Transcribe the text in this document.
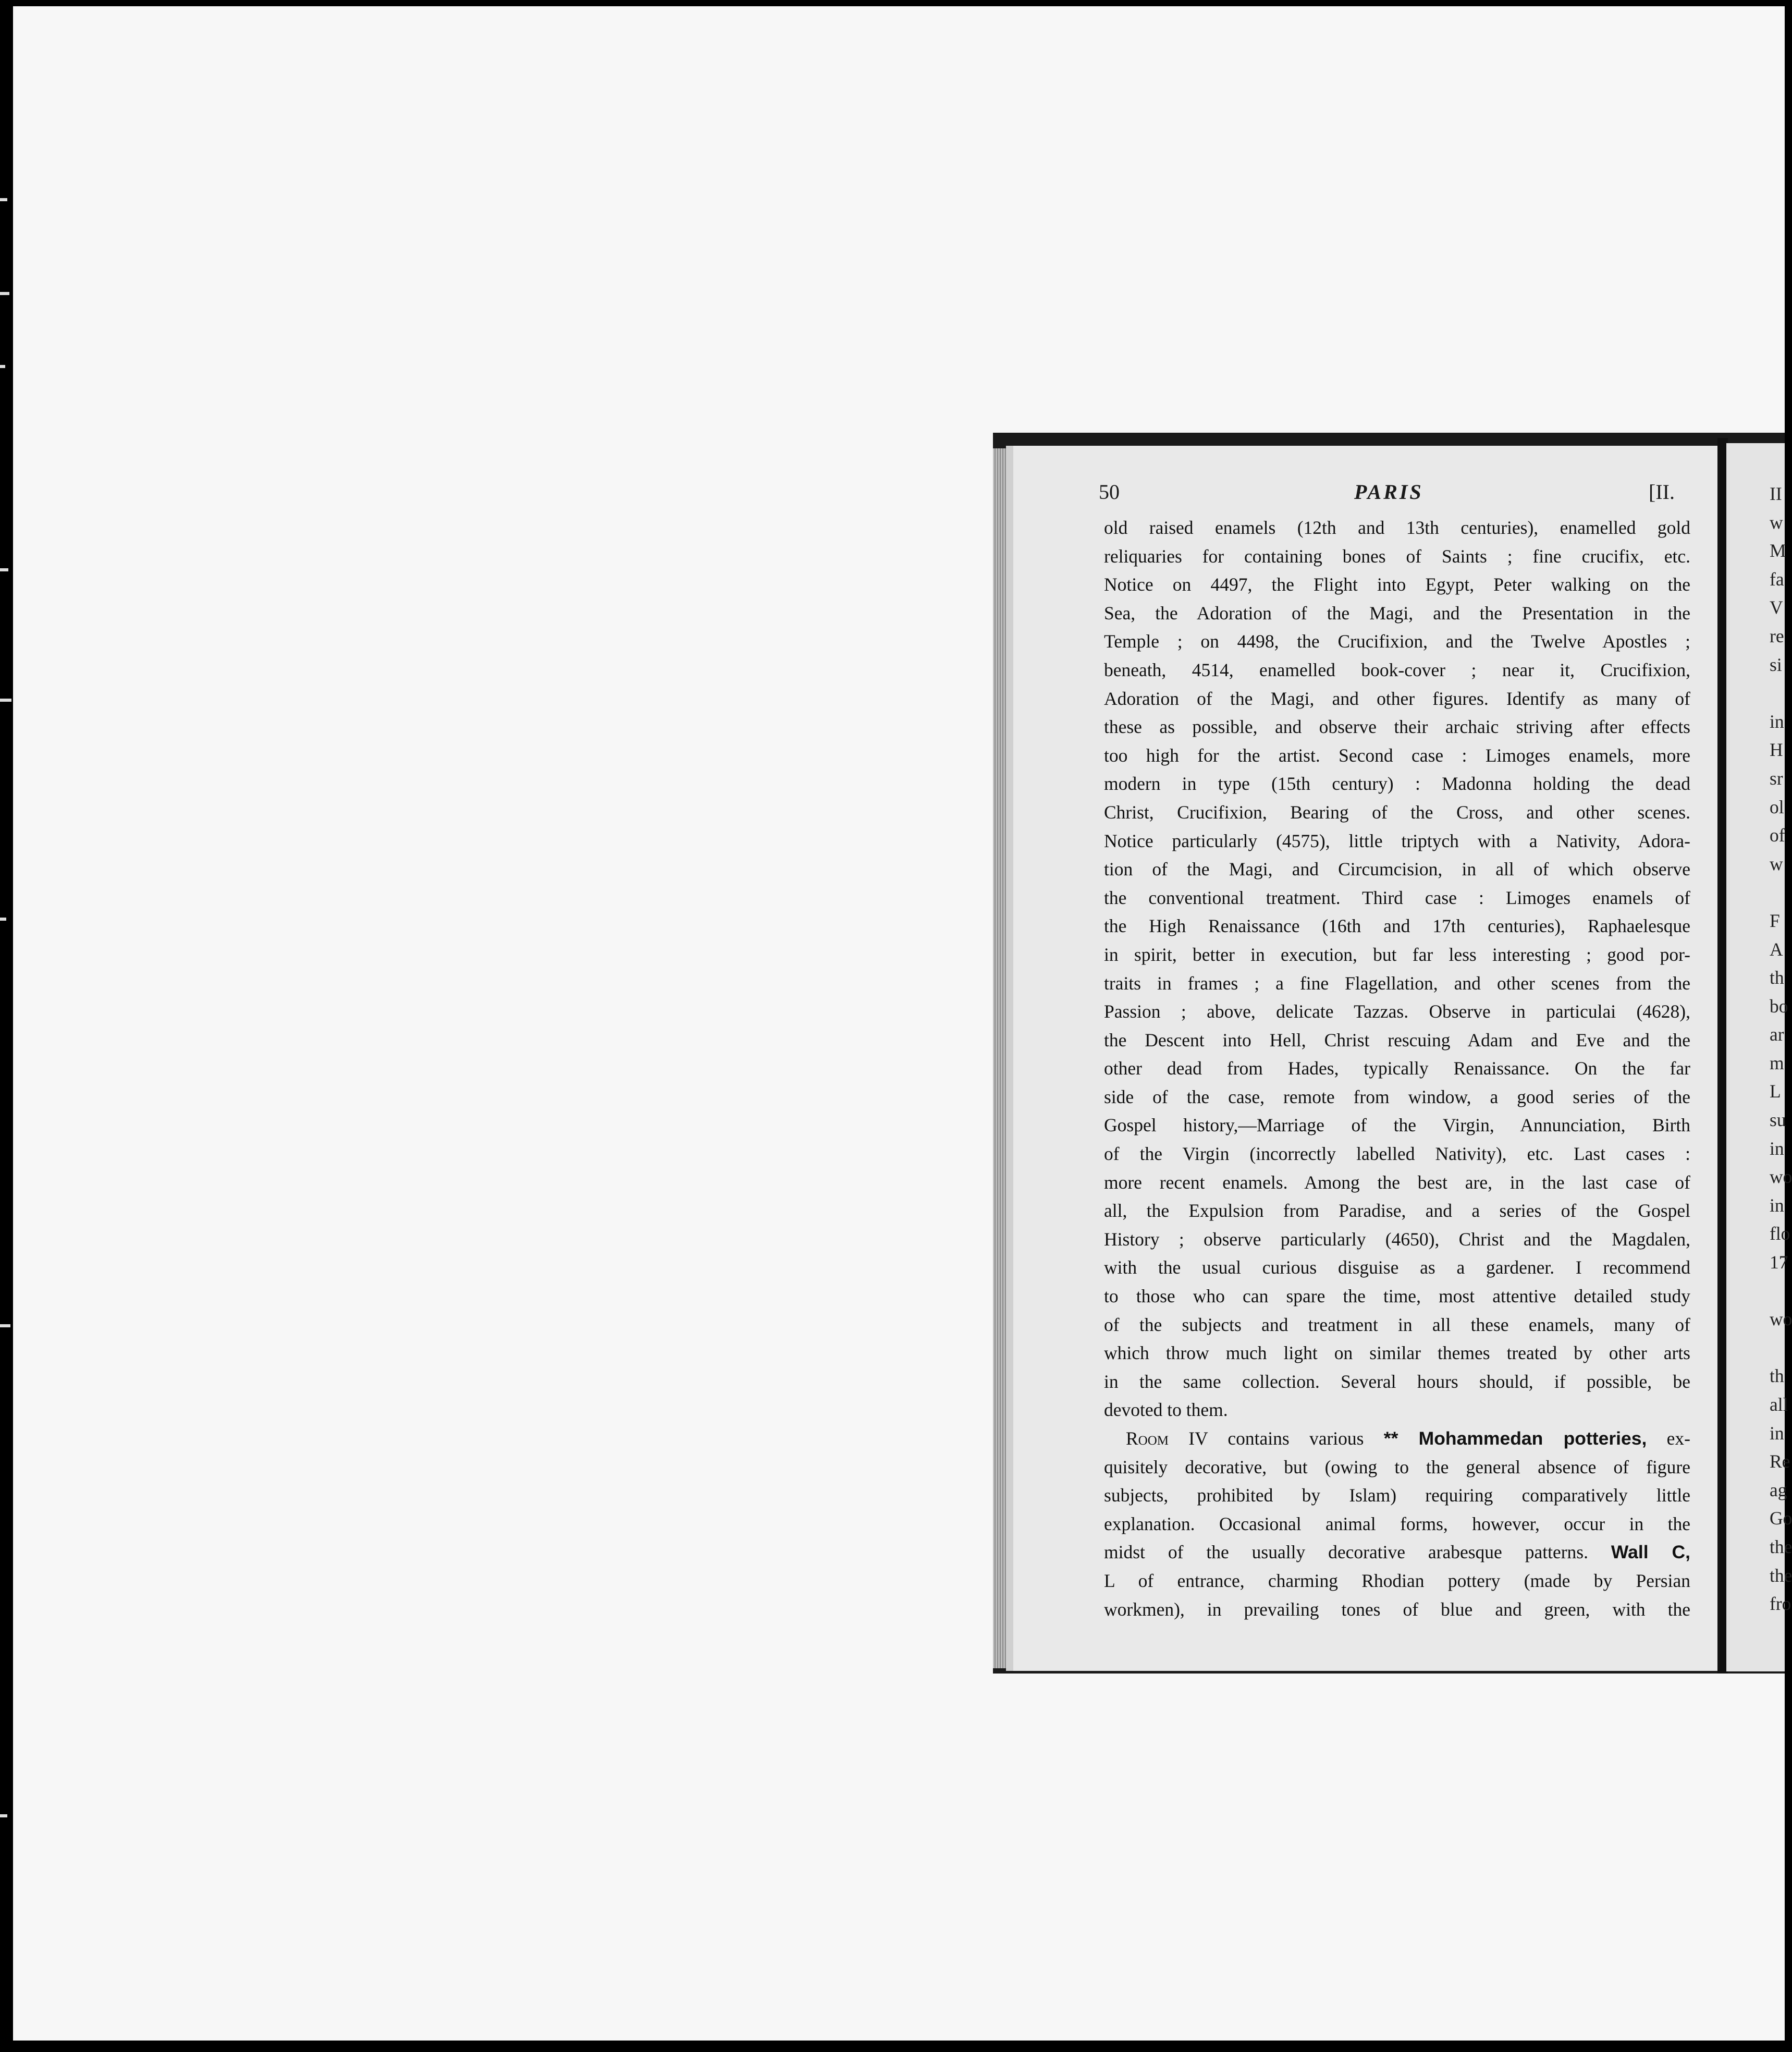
50	PARIS	[II.
old raised enamels (12th and 13th centuries), enamelled gold
reliquaries for containing bones of Saints ; fine crucifix, etc.
Notice on 4497, the Flight into Egypt, Peter walking on the
Sea, the Adoration of the Magi, and the Presentation in the
Temple ; on 4498, the Crucifixion, and the Twelve Apostles ;
beneath, 4514, enamelled book-cover ; near it, Crucifixion,
Adoration of the Magi, and other figures. Identify as many of
these as possible, and observe their archaic striving after effects
too high for the artist. Second case : Limoges enamels, more
modern in type (15th century) : Madonna holding the dead
Christ, Crucifixion, Bearing of the Cross, and other scenes.
Notice particularly (4575), little triptych with a Nativity, Adora-
tion of the Magi, and Circumcision, in all of which observe
the conventional treatment. Third case : Limoges enamels of
the High Renaissance (16th and 17th centuries), Raphaelesque
in spirit, better in execution, but far less interesting ; good por-
traits in frames ; a fine Flagellation, and other scenes from the
Passion ; above, delicate Tazzas. Observe in particulai (4628),
the Descent into Hell, Christ rescuing Adam and Eve and the
other dead from Hades, typically Renaissance. On the far
side of the case, remote from window, a good series of the
Gospel history,—Marriage of the Virgin, Annunciation, Birth
of the Virgin (incorrectly labelled Nativity), etc. Last cases :
more recent enamels. Among the best are, in the last case of
all, the Expulsion from Paradise, and a series of the Gospel
History ; observe particularly (4650), Christ and the Magdalen,
with the usual curious disguise as a gardener. I recommend
to those who can spare the time, most attentive detailed study
of the subjects and treatment in all these enamels, many of
which throw much light on similar themes treated by other arts
in the same collection. Several hours should, if possible, be
devoted to them.
Room IV contains various ** Mohammedan potteries, ex-
quisitely decorative, but (owing to the general absence of figure
subjects, prohibited by Islam) requiring comparatively little
explanation. Occasional animal forms, however, occur in the
midst of the usually decorative arabesque patterns. Wall C,
L of entrance, charming Rhodian pottery (made by Persian
workmen), in prevailing tones of blue and green, with the
II
w
M
fa
V
re
si
in
H
sr
ol
of
w
F
A
th
bo
ar
m
L
su
in
wo
in
flo
17
wo
th
all
in
Re
ag
Go
the
the
fro
